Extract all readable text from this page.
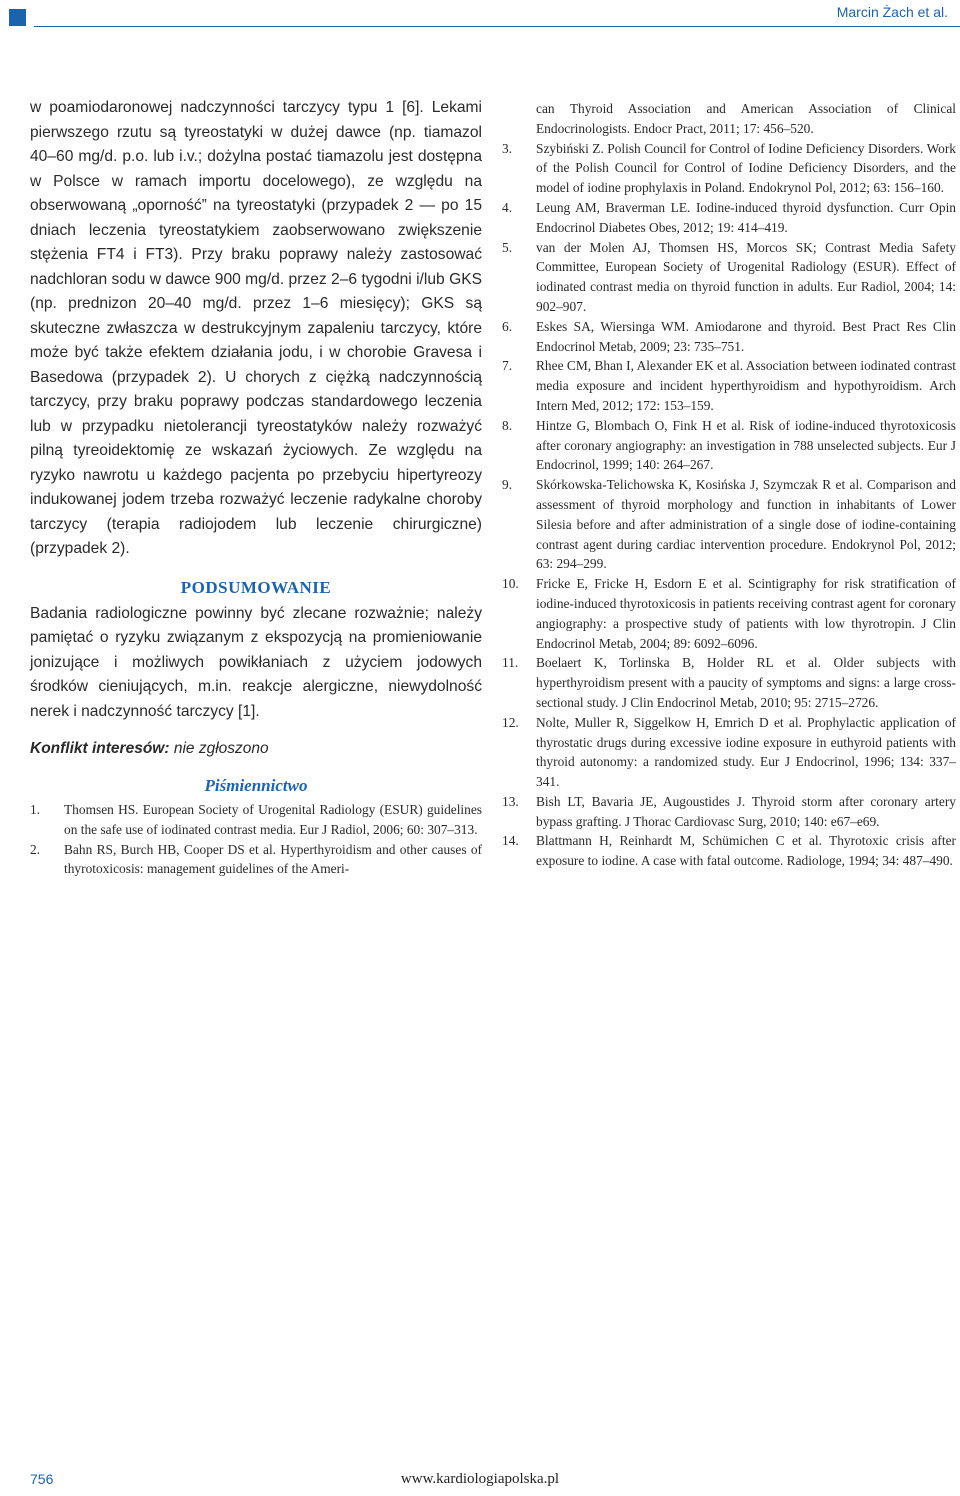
Marcin Żach et al.

w poamiodaronowej nadczynności tarczycy typu 1 [6]. Lekami pierwszego rzutu są tyreostatyki w dużej dawce (np. tiamazol 40–60 mg/d. p.o. lub i.v.; dożylna postać tiamazolu jest dostępna w Polsce w ramach importu docelowego), ze względu na obserwowaną „oporność” na tyreostatyki (przypadek 2 — po 15 dniach leczenia tyreostatykiem zaobserwowano zwiększenie stężenia FT4 i FT3). Przy braku poprawy należy zastosować nadchloran sodu w dawce 900 mg/d. przez 2–6 tygodni i/lub GKS (np. prednizon 20–40 mg/d. przez 1–6 miesięcy); GKS są skuteczne zwłaszcza w destrukcyjnym zapaleniu tarczycy, które może być także efektem działania jodu, i w chorobie Gravesa i Basedowa (przypadek 2). U chorych z ciężką nadczynnością tarczycy, przy braku poprawy podczas standardowego leczenia lub w przypadku nietolerancji tyreostatyków należy rozważyć pilną tyreoidektomię ze wskazań życiowych. Ze względu na ryzyko nawrotu u każdego pacjenta po przebyciu hipertyreozy indukowanej jodem trzeba rozważyć leczenie radykalne choroby tarczycy (terapia radiojodem lub leczenie chirurgiczne) (przypadek 2).

PODSUMOWANIE

Badania radiologiczne powinny być zlecane rozważnie; należy pamiętać o ryzyku związanym z ekspozycją na promieniowanie jonizujące i możliwych powikłaniach z użyciem jodowych środków cieniujących, m.in. reakcje alergiczne, niewydolność nerek i nadczynność tarczycy [1].

Konflikt interesów: nie zgłoszono

Piśmiennictwo
1. Thomsen HS. European Society of Urogenital Radiology (ESUR) guidelines on the safe use of iodinated contrast media. Eur J Radiol, 2006; 60: 307–313.
2. Bahn RS, Burch HB, Cooper DS et al. Hyperthyroidism and other causes of thyrotoxicosis: management guidelines of the Ameri-
can Thyroid Association and American Association of Clinical Endocrinologists. Endocr Pract, 2011; 17: 456–520.
3. Szybiński Z. Polish Council for Control of Iodine Deficiency Disorders. Work of the Polish Council for Control of Iodine Deficiency Disorders, and the model of iodine prophylaxis in Poland. Endokrynol Pol, 2012; 63: 156–160.
4. Leung AM, Braverman LE. Iodine-induced thyroid dysfunction. Curr Opin Endocrinol Diabetes Obes, 2012; 19: 414–419.
5. van der Molen AJ, Thomsen HS, Morcos SK; Contrast Media Safety Committee, European Society of Urogenital Radiology (ESUR). Effect of iodinated contrast media on thyroid function in adults. Eur Radiol, 2004; 14: 902–907.
6. Eskes SA, Wiersinga WM. Amiodarone and thyroid. Best Pract Res Clin Endocrinol Metab, 2009; 23: 735–751.
7. Rhee CM, Bhan I, Alexander EK et al. Association between iodinated contrast media exposure and incident hyperthyroidism and hypothyroidism. Arch Intern Med, 2012; 172: 153–159.
8. Hintze G, Blombach O, Fink H et al. Risk of iodine-induced thyrotoxicosis after coronary angiography: an investigation in 788 unselected subjects. Eur J Endocrinol, 1999; 140: 264–267.
9. Skórkowska-Telichowska K, Kosińska J, Szymczak R et al. Comparison and assessment of thyroid morphology and function in inhabitants of Lower Silesia before and after administration of a single dose of iodine-containing contrast agent during cardiac intervention procedure. Endokrynol Pol, 2012; 63: 294–299.
10. Fricke E, Fricke H, Esdorn E et al. Scintigraphy for risk stratification of iodine-induced thyrotoxicosis in patients receiving contrast agent for coronary angiography: a prospective study of patients with low thyrotropin. J Clin Endocrinol Metab, 2004; 89: 6092–6096.
11. Boelaert K, Torlinska B, Holder RL et al. Older subjects with hyperthyroidism present with a paucity of symptoms and signs: a large cross-sectional study. J Clin Endocrinol Metab, 2010; 95: 2715–2726.
12. Nolte, Muller R, Siggelkow H, Emrich D et al. Prophylactic application of thyrostatic drugs during excessive iodine exposure in euthyroid patients with thyroid autonomy: a randomized study. Eur J Endocrinol, 1996; 134: 337–341.
13. Bish LT, Bavaria JE, Augoustides J. Thyroid storm after coronary artery bypass grafting. J Thorac Cardiovasc Surg, 2010; 140: e67–e69.
14. Blattmann H, Reinhardt M, Schümichen C et al. Thyrotoxic crisis after exposure to iodine. A case with fatal outcome. Radiologe, 1994; 34: 487–490.
756	www.kardiologiapolska.pl
